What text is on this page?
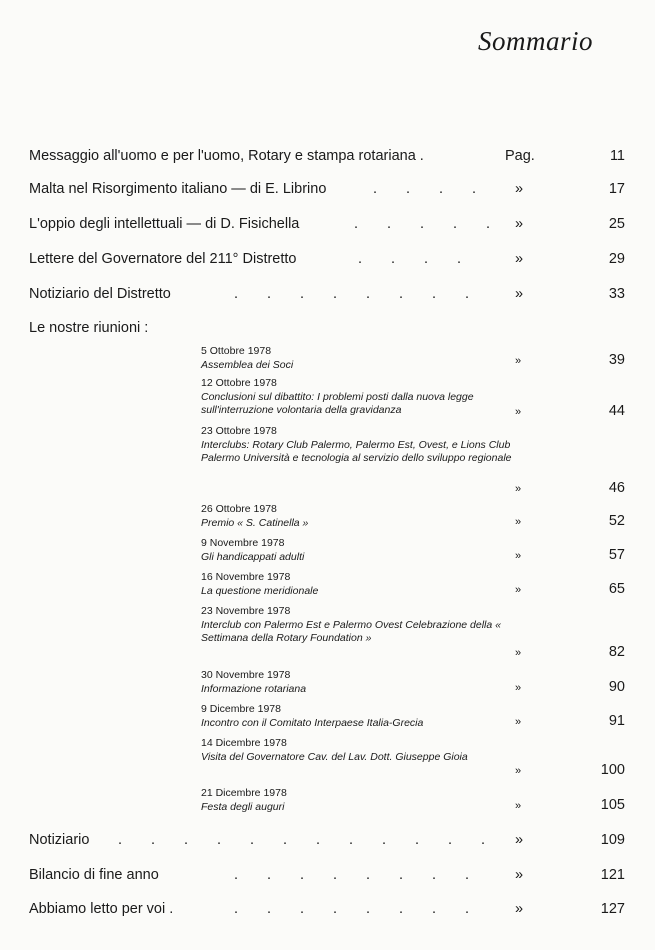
Sommario
Messaggio all'uomo e per l'uomo, Rotary e stampa rotariana .	Pag.	11
Malta nel Risorgimento italiano — di E. Librino	. . . .	»	17
L'oppio degli intellettuali — di D. Fisichella	. . . . .	»	25
Lettere del Governatore del 211° Distretto	. . . .	»	29
Notiziario del Distretto	. . . . . . . .	»	33
Le nostre riunioni :
5 Ottobre 1978
Assemblea dei Soci	»	39
12 Ottobre 1978
Conclusioni sul dibattito: I problemi posti dalla nuova legge sull'interruzione volontaria della gravidanza	»	44
23 Ottobre 1978
Interclubs: Rotary Club Palermo, Palermo Est, Ovest, e Lions Club Palermo Università e tecnologia al servizio dello sviluppo regionale
»	46
26 Ottobre 1978
Premio « S. Catinella »	»	52
9 Novembre 1978
Gli handicappati adulti	»	57
16 Novembre 1978
La questione meridionale	»	65
23 Novembre 1978
Interclub con Palermo Est e Palermo Ovest Celebrazione della « Settimana della Rotary Foundation »
»	82
30 Novembre 1978
Informazione rotariana	»	90
9 Dicembre 1978
Incontro con il Comitato Interpaese Italia-Grecia	»	91
14 Dicembre 1978
Visita del Governatore Cav. del Lav. Dott. Giuseppe Gioia
»	100
21 Dicembre 1978
Festa degli auguri	»	105
Notiziario . . . . . . . . . . . .	»	109
Bilancio di fine anno	. . . . . . . .	»	121
Abbiamo letto per voi .	. . . . . . . .	»	127
